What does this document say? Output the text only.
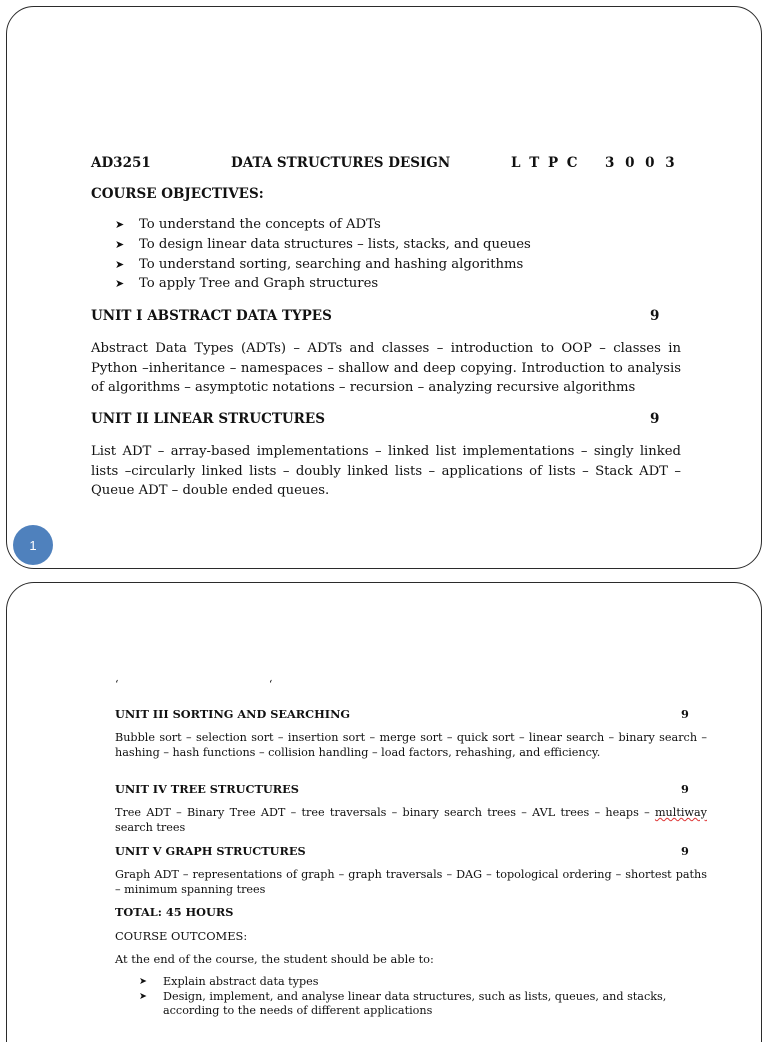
AD3251	DATA STRUCTURES DESIGN	L T P C 3 0 0 3
COURSE OBJECTIVES:
➤ To understand the concepts of ADTs
➤ To design linear data structures – lists, stacks, and queues
➤ To understand sorting, searching and hashing algorithms
➤ To apply Tree and Graph structures
UNIT I ABSTRACT DATA TYPES	9
Abstract Data Types (ADTs) – ADTs and classes – introduction to OOP – classes in Python –inheritance – namespaces – shallow and deep copying. Introduction to analysis of algorithms – asymptotic notations – recursion – analyzing recursive algorithms
UNIT II LINEAR STRUCTURES	9
List ADT – array-based implementations – linked list implementations – singly linked lists –circularly linked lists – doubly linked lists – applications of lists – Stack ADT – Queue ADT – double ended queues.
1
‘                                           ‘
UNIT III SORTING AND SEARCHING	9
Bubble sort – selection sort – insertion sort – merge sort – quick sort – linear search – binary search – hashing – hash functions – collision handling – load factors, rehashing, and efficiency.
UNIT IV TREE STRUCTURES	9
Tree ADT – Binary Tree ADT – tree traversals – binary search trees – AVL trees – heaps – multiway search trees
UNIT V GRAPH STRUCTURES	9
Graph ADT – representations of graph – graph traversals – DAG – topological ordering – shortest paths – minimum spanning trees
TOTAL: 45 HOURS
COURSE OUTCOMES:
At the end of the course, the student should be able to:
➤ Explain abstract data types
➤ Design, implement, and analyse linear data structures, such as lists, queues, and stacks, according to the needs of different applications
